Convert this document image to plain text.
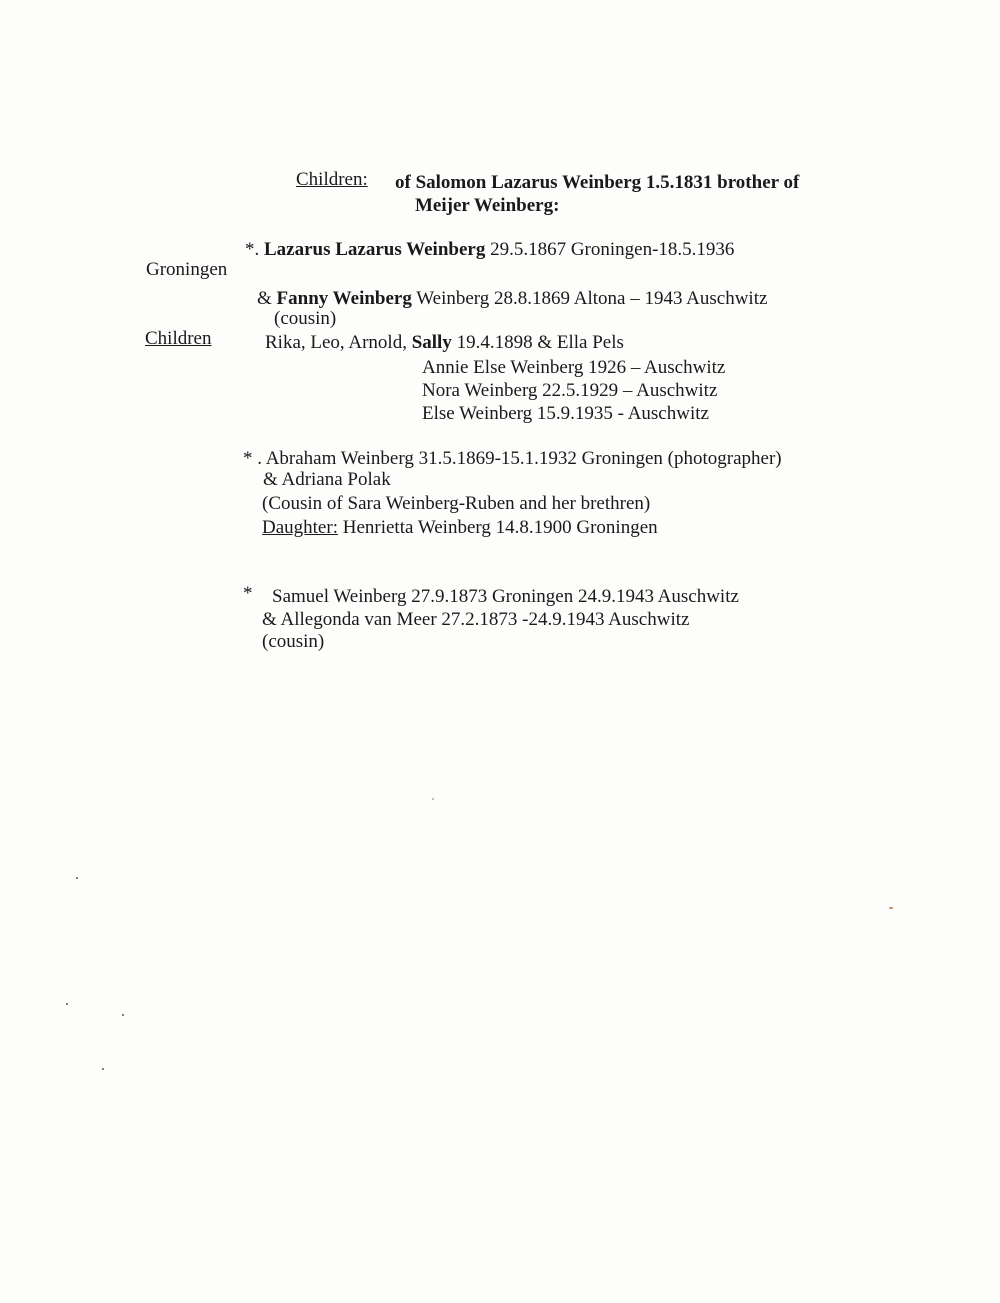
Children: of Salomon Lazarus Weinberg 1.5.1831 brother of
Meijer Weinberg:
*. Lazarus Lazarus Weinberg 29.5.1867 Groningen-18.5.1936
Groningen
& Fanny Weinberg Weinberg 28.8.1869 Altona – 1943 Auschwitz
(cousin)
Children	Rika, Leo, Arnold, Sally 19.4.1898 & Ella Pels
Annie Else Weinberg 1926 – Auschwitz
Nora Weinberg 22.5.1929 – Auschwitz
Else Weinberg 15.9.1935 - Auschwitz
* . Abraham Weinberg 31.5.1869-15.1.1932 Groningen (photographer)
& Adriana Polak
(Cousin of Sara Weinberg-Ruben and her brethren)
Daughter: Henrietta Weinberg 14.8.1900 Groningen
* Samuel Weinberg 27.9.1873 Groningen 24.9.1943 Auschwitz
& Allegonda van Meer 27.2.1873 -24.9.1943 Auschwitz
(cousin)
